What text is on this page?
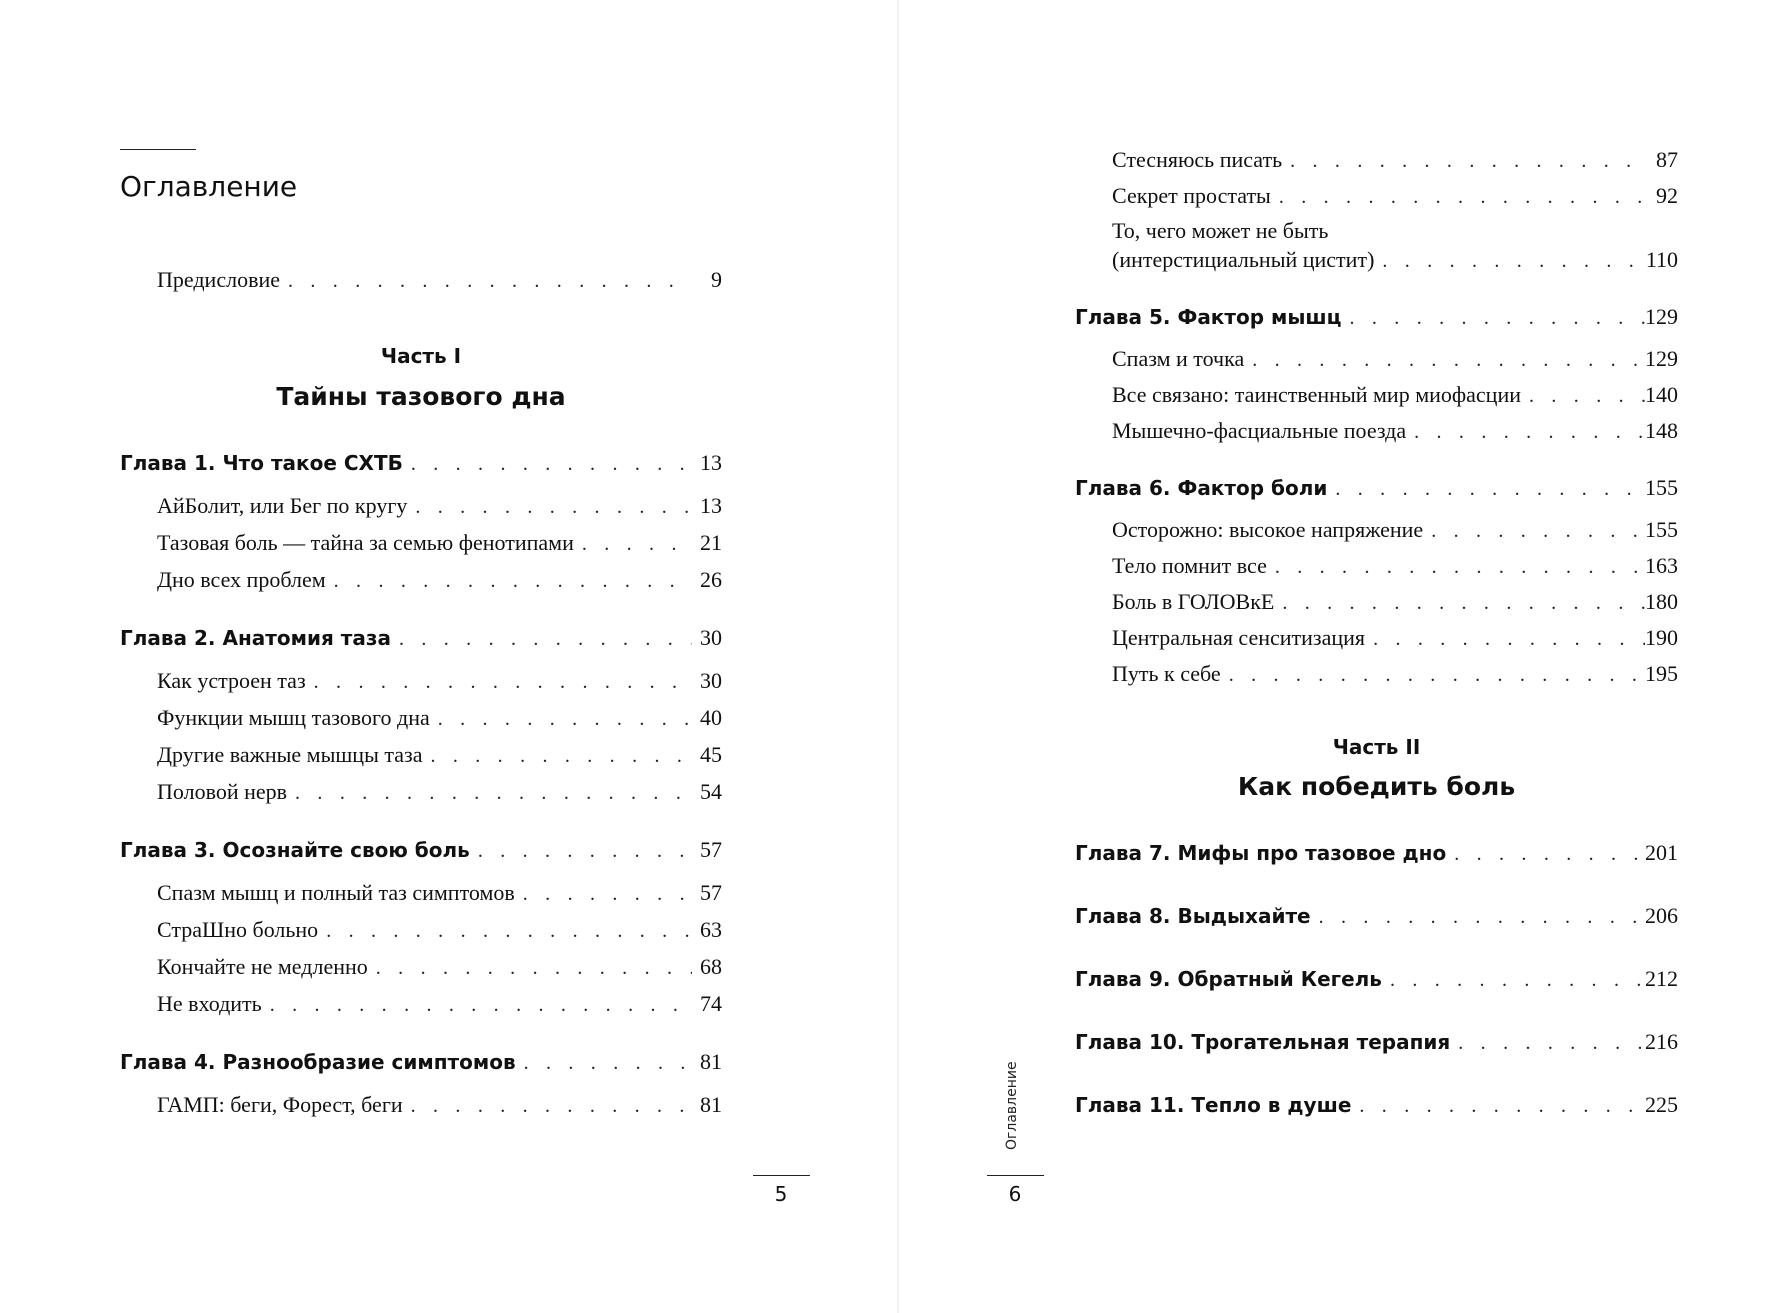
Оглавление
Предисловие . . .	9
Часть I
Тайны тазового дна
Глава 1. Что такое СХТБ . . .	13
АйБолит, или Бег по кругу . . .	13
Тазовая боль — тайна за семью фенотипами . . .	21
Дно всех проблем . . .	26
Глава 2. Анатомия таза . . .	30
Как устроен таз . . .	30
Функции мышц тазового дна . . .	40
Другие важные мышцы таза . . .	45
Половой нерв . . .	54
Глава 3. Осознайте свою боль . . .	57
Спазм мышц и полный таз симптомов . . .	57
СтраШно больно . . .	63
Кончайте не медленно . . .	68
Не входить . . .	74
Глава 4. Разнообразие симптомов . . .	81
ГАМП: беги, Форест, беги . . .	81
5
Стесняюсь писать . . .	87
Секрет простаты . . .	92
То, чего может не быть
(интерстициальный цистит) . . .	110
Глава 5. Фактор мышц . . .	129
Спазм и точка . . .	129
Все связано: таинственный мир миофасции . . .	140
Мышечно-фасциальные поезда . . .	148
Глава 6. Фактор боли . . .	155
Осторожно: высокое напряжение . . .	155
Тело помнит все . . .	163
Боль в ГОЛОВкЕ . . .	180
Центральная сенситизация . . .	190
Путь к себе . . .	195
Часть II
Как победить боль
Глава 7. Мифы про тазовое дно . . .	201
Глава 8. Выдыхайте . . .	206
Глава 9. Обратный Кегель . . .	212
Глава 10. Трогательная терапия . . .	216
Глава 11. Тепло в душе . . .	225
Оглавление
6
